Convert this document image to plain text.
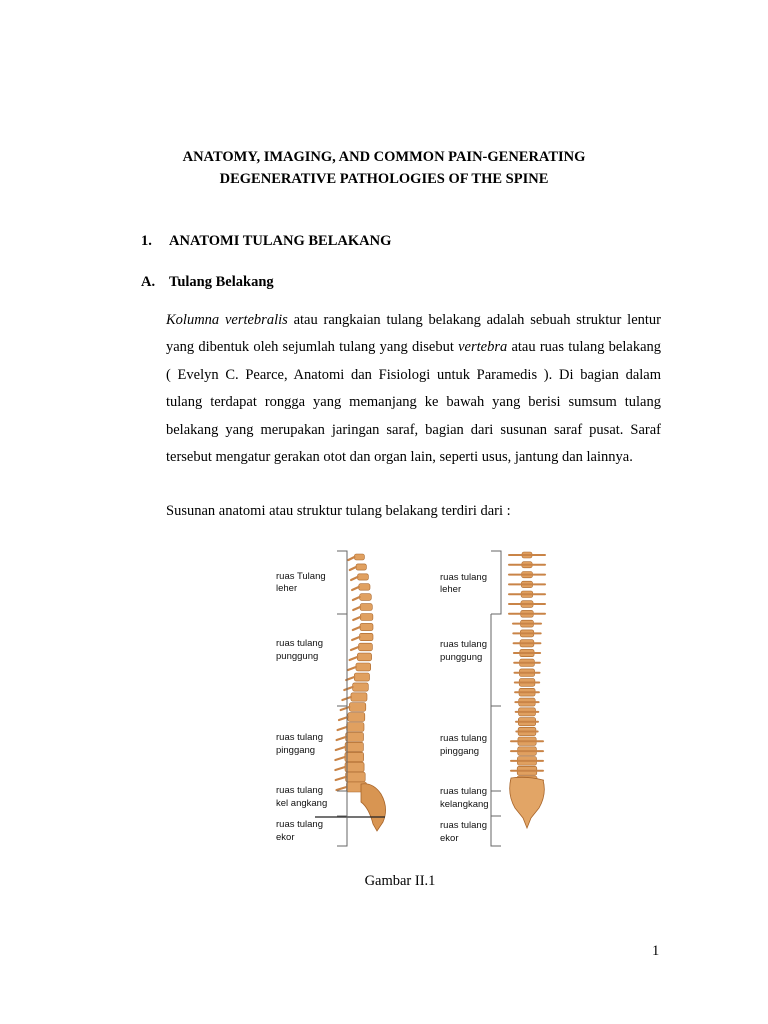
ANATOMY, IMAGING, AND COMMON PAIN-GENERATING
DEGENERATIVE PATHOLOGIES OF THE SPINE
1. ANATOMI TULANG BELAKANG
A. Tulang Belakang

Kolumna vertebralis atau rangkaian tulang belakang adalah sebuah struktur lentur yang dibentuk oleh sejumlah tulang yang disebut vertebra atau ruas tulang belakang ( Evelyn C. Pearce, Anatomi dan Fisiologi untuk Paramedis ). Di bagian dalam tulang terdapat rongga yang memanjang ke bawah yang berisi sumsum tulang belakang yang merupakan jaringan saraf, bagian dari susunan saraf pusat. Saraf tersebut mengatur gerakan otot dan organ lain, seperti usus, jantung dan lainnya.

Susunan anatomi atau struktur tulang belakang terdiri dari :
ruas Tulang
leher
ruas tulang
punggung
ruas tulang
pinggang
ruas tulang
kel angkang
ruas tulang
ekor
ruas tulang
leher
ruas tulang
punggung
ruas tulang
pinggang
ruas tulang
kelangkang
ruas tulang
ekor
Gambar II.1
1
